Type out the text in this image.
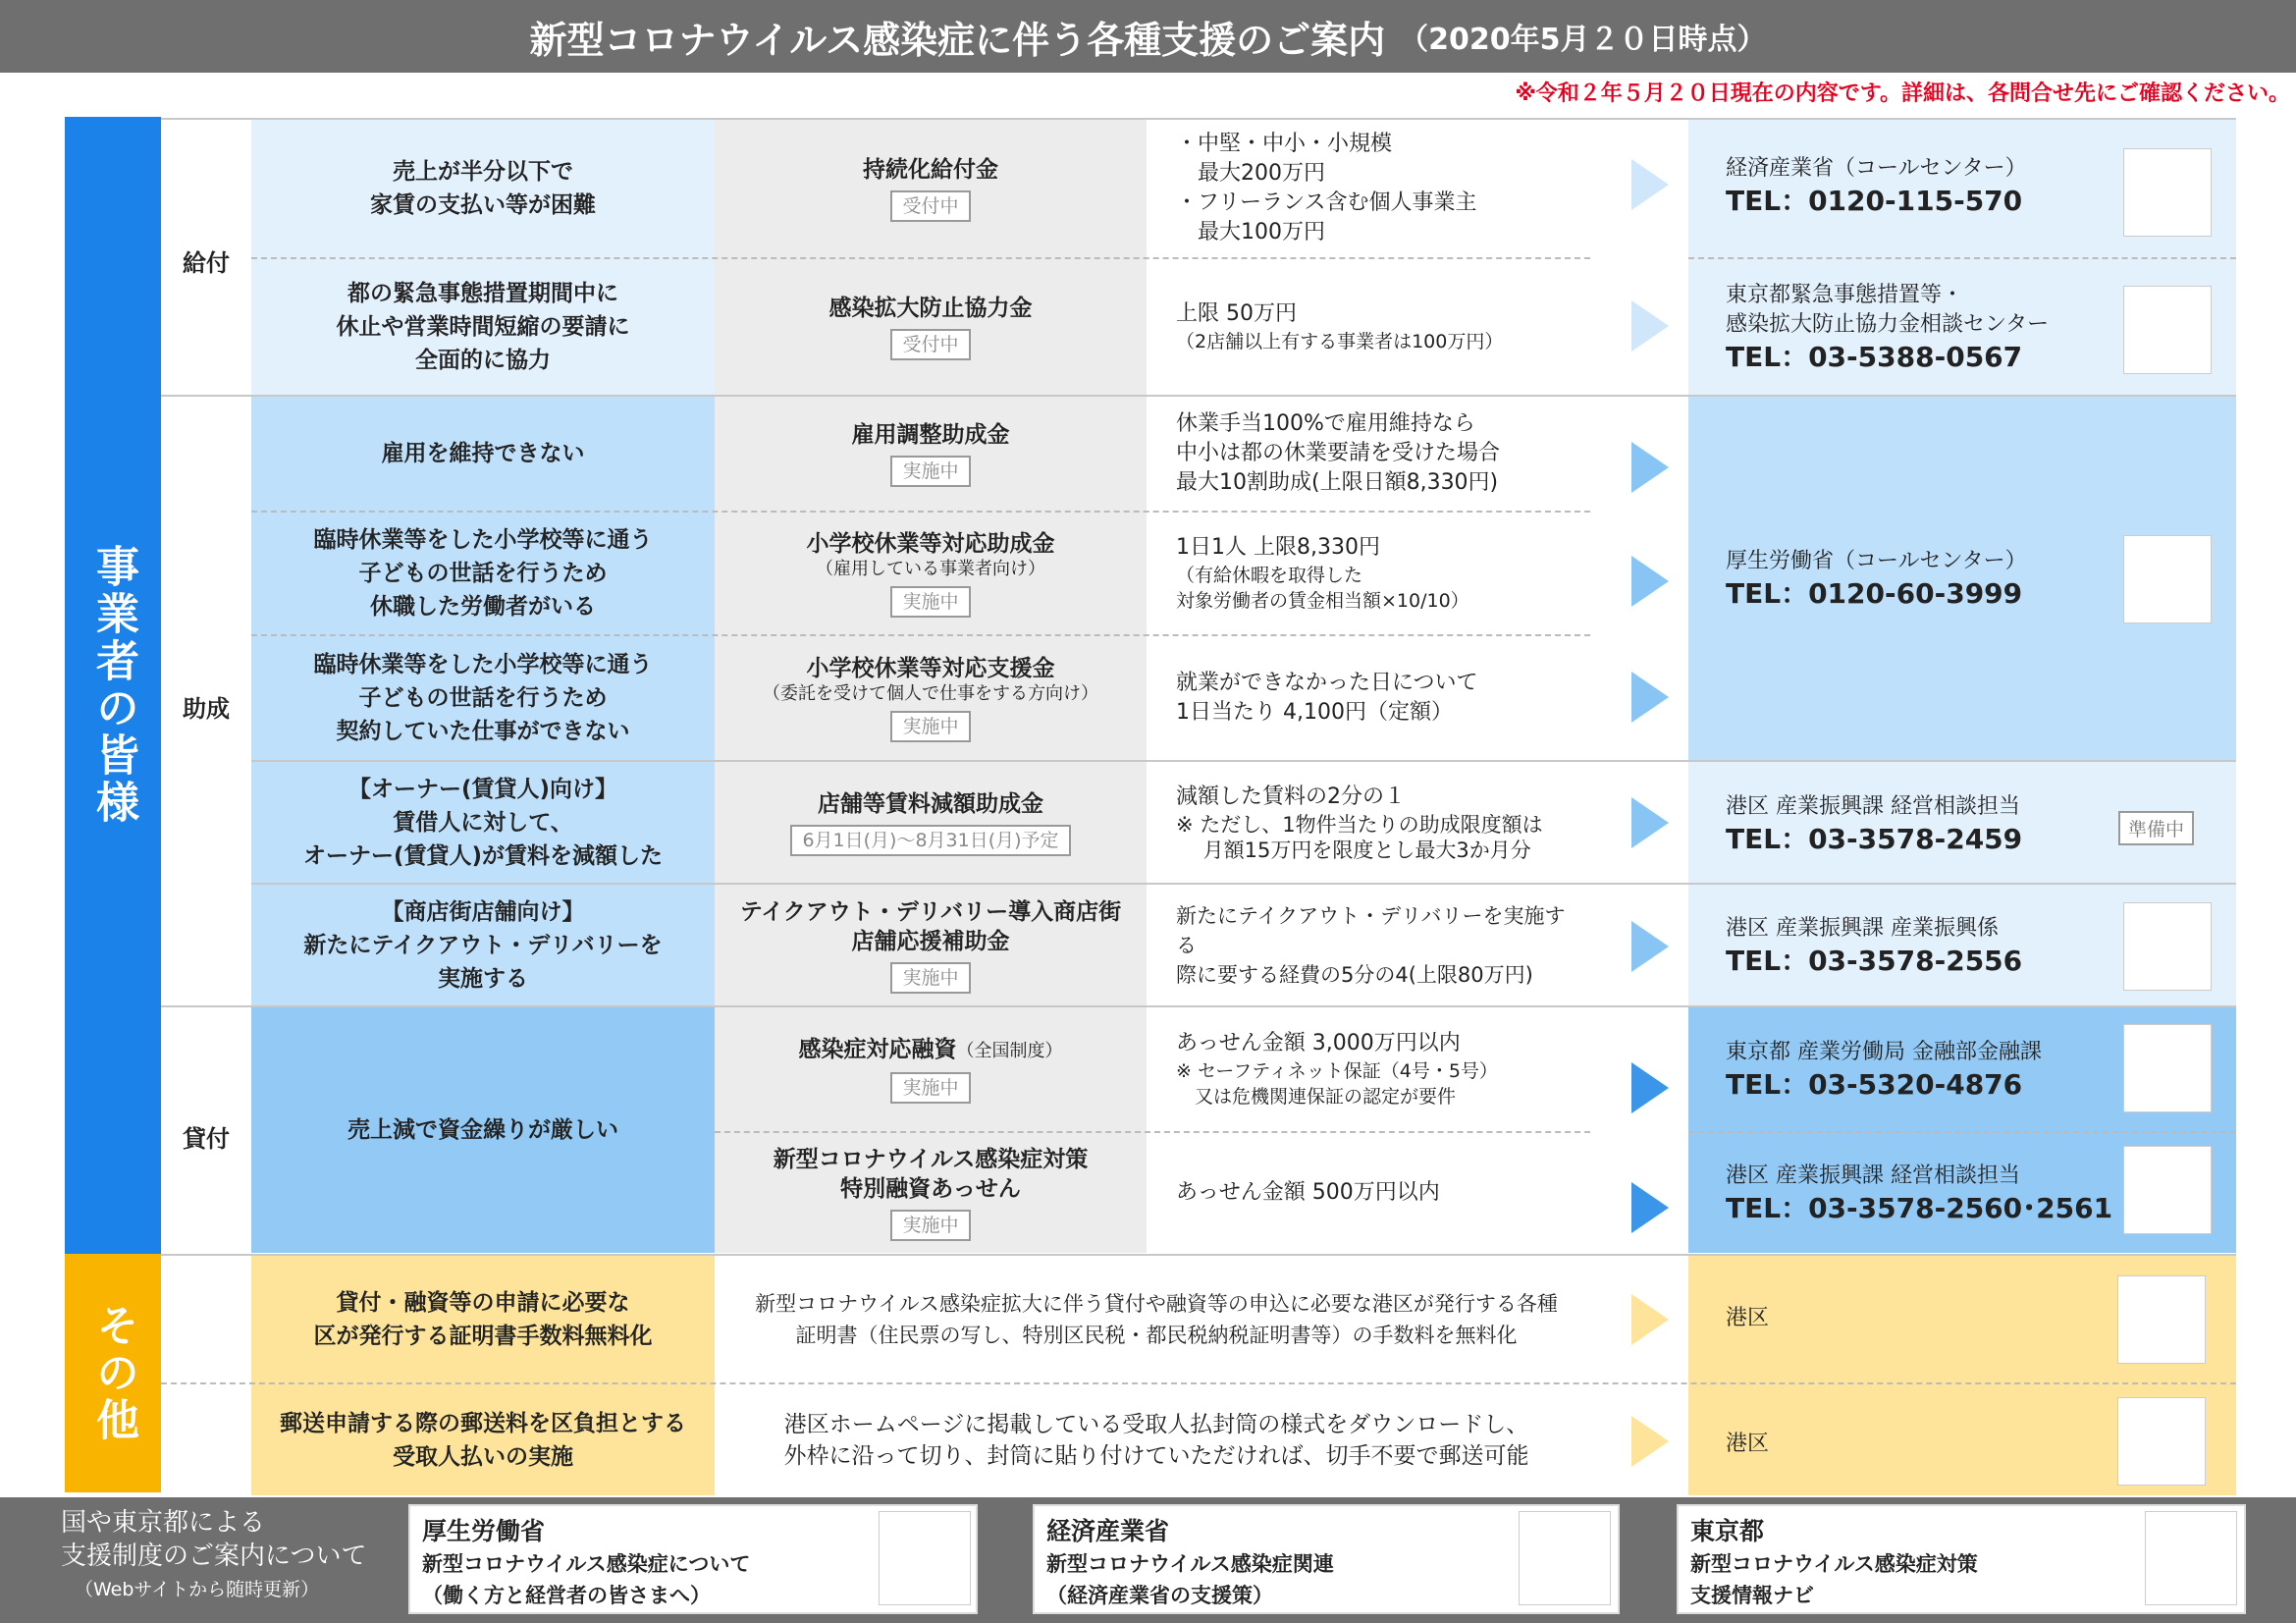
新型コロナウイルス感染症に伴う各種支援のご案内 （2020年5月２０日時点）
※令和２年５月２０日現在の内容です。詳細は、各問合せ先にご確認ください。
事業者の皆様
その他
給付
助成
貸付
売上が半分以下で
家賃の支払い等が困難
持続化給付金
受付中
・中堅・中小・小規模
　最大200万円
・フリーランス含む個人事業主
　最大100万円
都の緊急事態措置期間中に
休止や営業時間短縮の要請に
全面的に協力
感染拡大防止協力金
受付中
上限 50万円
（2店舗以上有する事業者は100万円）
雇用を維持できない
雇用調整助成金
実施中
休業手当100%で雇用維持なら
中小は都の休業要請を受けた場合
最大10割助成(上限日額8,330円)
臨時休業等をした小学校等に通う
子どもの世話を行うため
休職した労働者がいる
小学校休業等対応助成金
（雇用している事業者向け）
実施中
1日1人 上限8,330円
（有給休暇を取得した
対象労働者の賃金相当額×10/10）
臨時休業等をした小学校等に通う
子どもの世話を行うため
契約していた仕事ができない
小学校休業等対応支援金
（委託を受けて個人で仕事をする方向け）
実施中
就業ができなかった日について
1日当たり 4,100円（定額）
【オーナー(賃貸人)向け】
賃借人に対して、
オーナー(賃貸人)が賃料を減額した
店舗等賃料減額助成金
6月1日(月)～8月31日(月)予定
減額した賃料の2分の１
※ ただし、1物件当たりの助成限度額は
　 月額15万円を限度とし最大3か月分
【商店街店舗向け】
新たにテイクアウト・デリバリーを
実施する
テイクアウト・デリバリー導入商店街
店舗応援補助金
実施中
新たにテイクアウト・デリバリーを実施する
際に要する経費の5分の4(上限80万円)
売上減で資金繰りが厳しい
感染症対応融資（全国制度）
実施中
あっせん金額 3,000万円以内
※ セーフティネット保証（4号・5号）
　又は危機関連保証の認定が要件
新型コロナウイルス感染症対策
特別融資あっせん
実施中
あっせん金額 500万円以内
貸付・融資等の申請に必要な
区が発行する証明書手数料無料化
新型コロナウイルス感染症拡大に伴う貸付や融資等の申込に必要な港区が発行する各種
証明書（住民票の写し、特別区民税・都民税納税証明書等）の手数料を無料化
郵送申請する際の郵送料を区負担とする
受取人払いの実施
港区ホームページに掲載している受取人払封筒の様式をダウンロードし、
外枠に沿って切り、封筒に貼り付けていただければ、切手不要で郵送可能
経済産業省（コールセンター）
TEL：0120-115-570
東京都緊急事態措置等・
感染拡大防止協力金相談センター
TEL：03-5388-0567
厚生労働省（コールセンター）
TEL：0120-60-3999
港区 産業振興課 経営相談担当
TEL：03-3578-2459	準備中
港区 産業振興課 産業振興係
TEL：03-3578-2556
東京都 産業労働局 金融部金融課
TEL：03-5320-4876
港区 産業振興課 経営相談担当
TEL：03-3578-2560･2561
港区
港区
国や東京都による
支援制度のご案内について
（Webサイトから随時更新）
厚生労働省
新型コロナウイルス感染症について
（働く方と経営者の皆さまへ）
経済産業省
新型コロナウイルス感染症関連
（経済産業省の支援策）
東京都
新型コロナウイルス感染症対策
支援情報ナビ
